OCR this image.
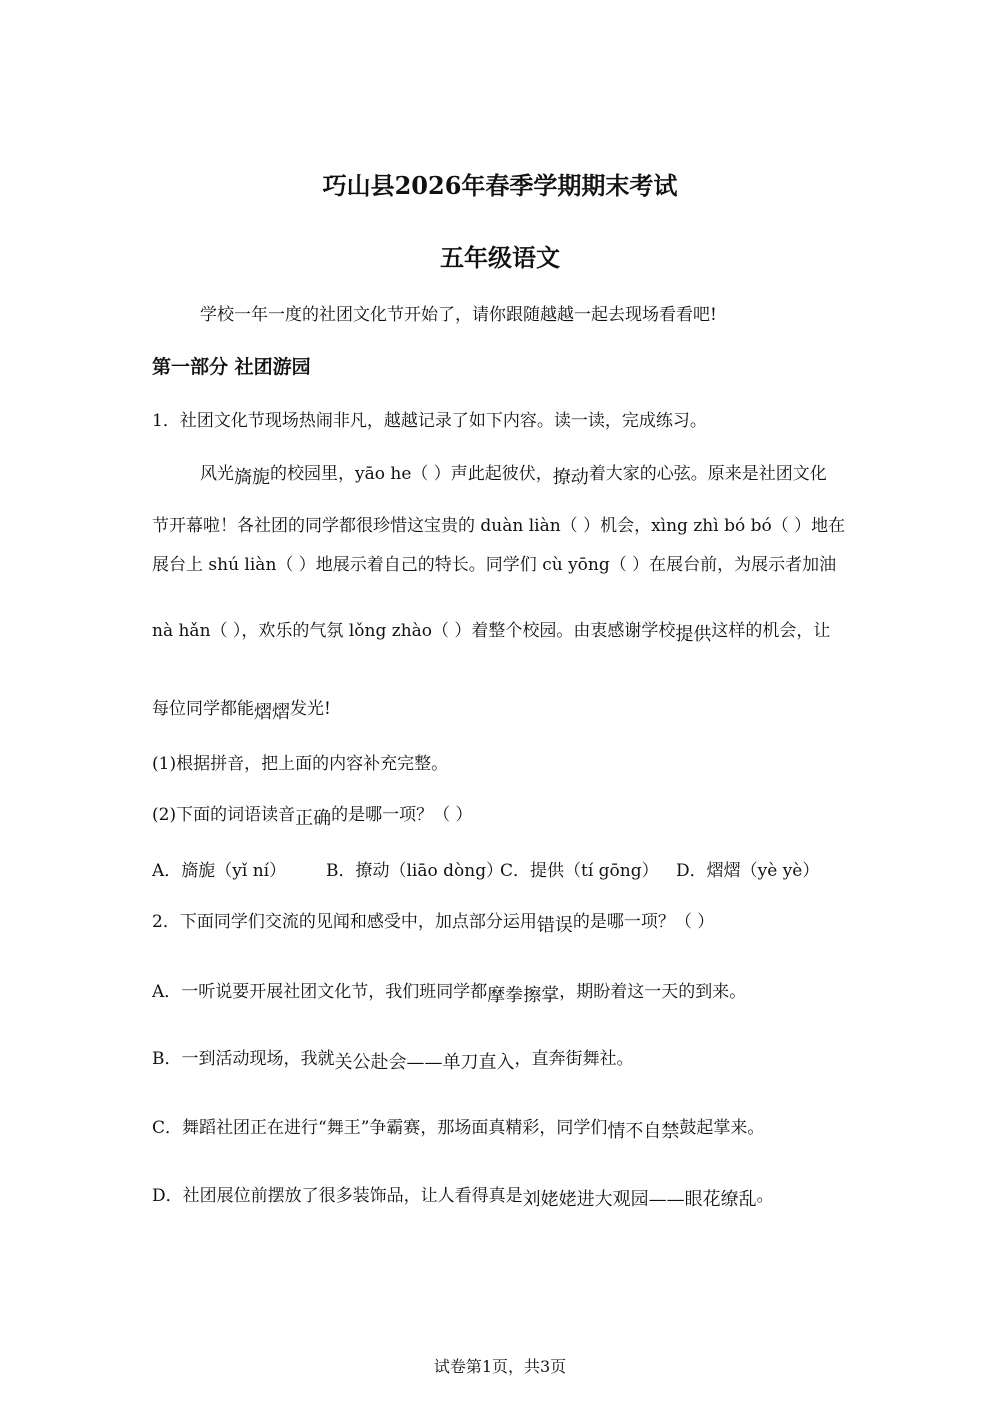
巧山县2026年春季学期期末考试
五年级语文
学校一年一度的社团文化节开始了，请你跟随越越一起去现场看看吧!
第一部分 社团游园
1．社团文化节现场热闹非凡，越越记录了如下内容。读一读，完成练习。
风光旖旎的校园里，yāo he（ ）声此起彼伏，撩动着大家的心弦。原来是社团文化
节开幕啦！各社团的同学都很珍惜这宝贵的 duàn liàn（ ）机会，xìng zhì bó bó（ ）地在
展台上 shú liàn（ ）地展示着自己的特长。同学们 cù yōng（ ）在展台前，为展示者加油
nà hǎn（ ），欢乐的气氛 lǒng zhào（ ）着整个校园。由衷感谢学校提供这样的机会，让
每位同学都能熠熠发光!
(1)根据拼音，把上面的内容补充完整。
(2)下面的词语读音正确的是哪一项？（ ）
A．旖旎（yǐ ní） B．撩动（liāo dòng）
C．提供（tí gōng） D．熠熠（yè yè）
2．下面同学们交流的见闻和感受中，加点部分运用错误的是哪一项？（ ）
A．一听说要开展社团文化节，我们班同学都摩拳擦掌，期盼着这一天的到来。
B．一到活动现场，我就关公赴会——单刀直入，直奔街舞社。
C．舞蹈社团正在进行“舞王”争霸赛，那场面真精彩，同学们情不自禁鼓起掌来。
D．社团展位前摆放了很多装饰品，让人看得真是刘姥姥进大观园——眼花缭乱。
试卷第1页，共3页
